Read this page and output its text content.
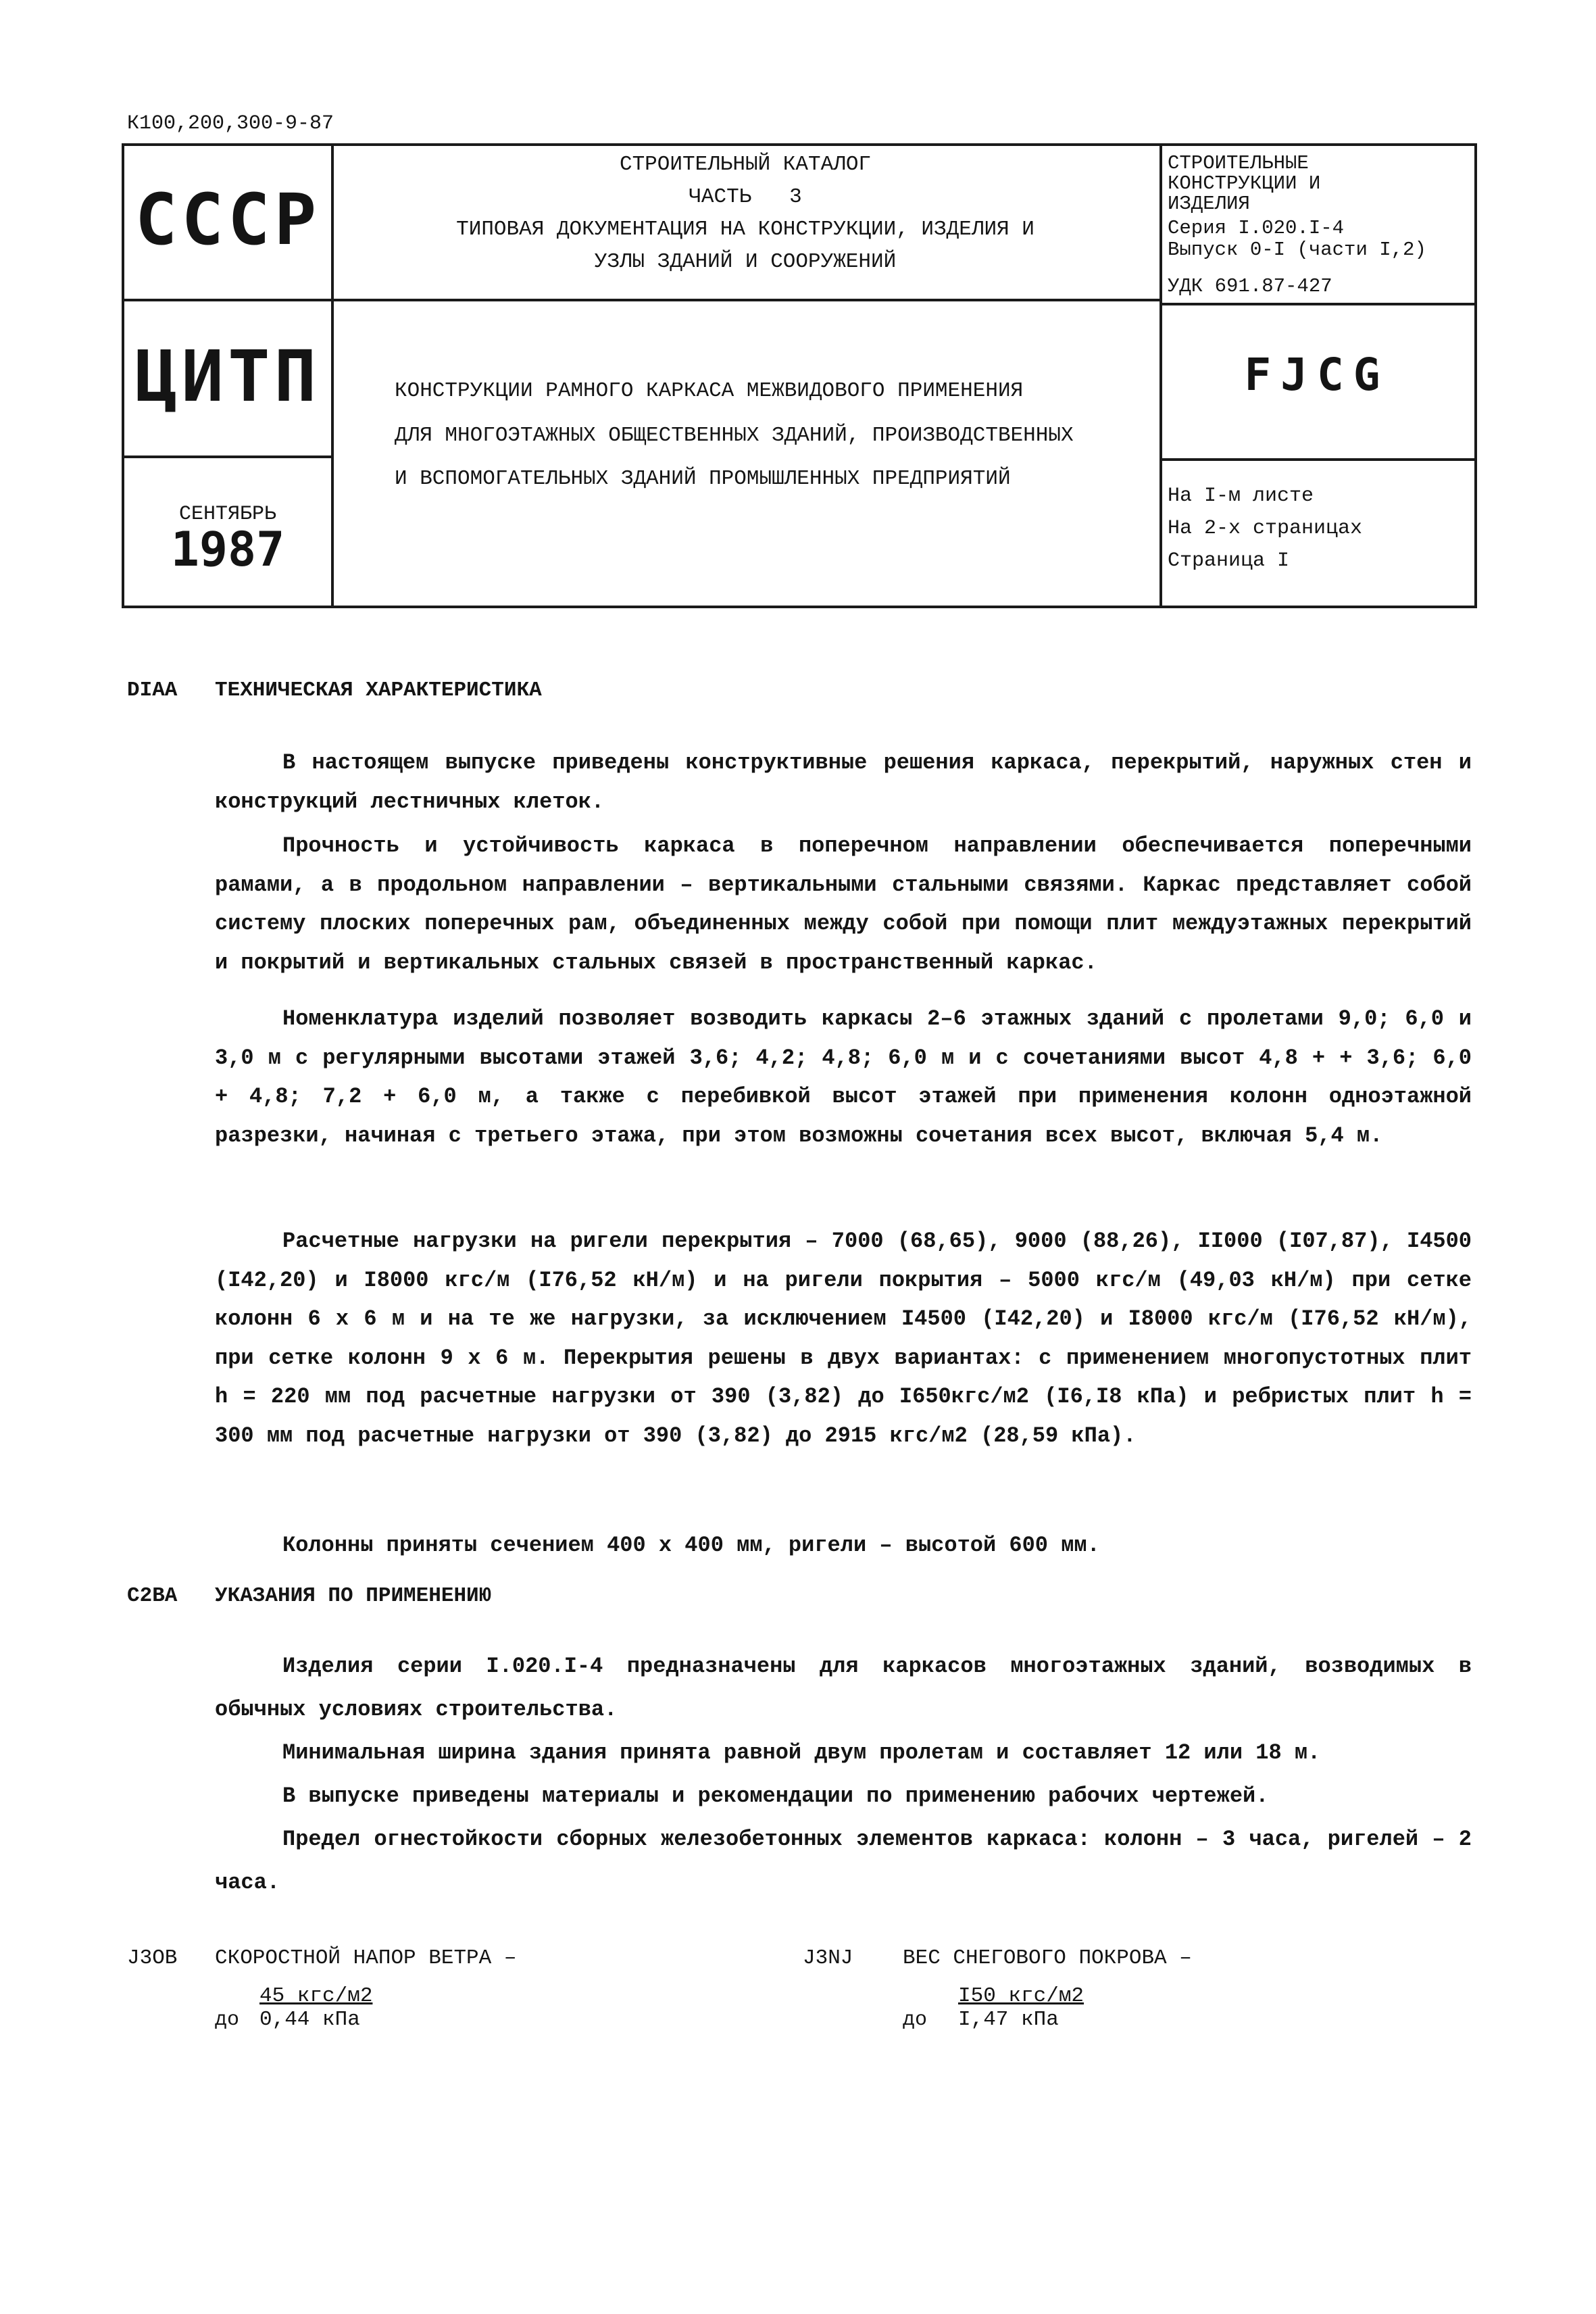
К100,200,300-9-87
СССР
СТРОИТЕЛЬНЫЙ КАТАЛОГ
ЧАСТЬ   3
ТИПОВАЯ ДОКУМЕНТАЦИЯ НА КОНСТРУКЦИИ, ИЗДЕЛИЯ И
УЗЛЫ ЗДАНИЙ И СООРУЖЕНИЙ
СТРОИТЕЛЬНЫЕ
КОНСТРУКЦИИ И
ИЗДЕЛИЯ
Серия I.020.I-4
Выпуск 0-I (части I,2)
УДК 691.87-427
ЦИТП
СЕНТЯБРЬ
1987
КОНСТРУКЦИИ РАМНОГО КАРКАСА МЕЖВИДОВОГО ПРИМЕНЕНИЯ
ДЛЯ МНОГОЭТАЖНЫХ ОБЩЕСТВЕННЫХ ЗДАНИЙ, ПРОИЗВОДСТВЕННЫХ
И ВСПОМОГАТЕЛЬНЫХ ЗДАНИЙ ПРОМЫШЛЕННЫХ ПРЕДПРИЯТИЙ
FJCG
На I-м листе
На 2-х страницах
Страница I
DIAA ТЕХНИЧЕСКАЯ ХАРАКТЕРИСТИКА
В настоящем выпуске приведены конструктивные решения каркаса, перекрытий, наружных стен и конструкций лестничных клеток.
Прочность и устойчивость каркаса в поперечном направлении обеспечивается поперечными рамами, а в продольном направлении – вертикальными стальными связями. Каркас представляет собой систему плоских поперечных рам, объединенных между собой при помощи плит междуэтажных перекрытий и покрытий и вертикальных стальных связей в пространственный каркас.
Номенклатура изделий позволяет возводить каркасы 2–6 этажных зданий с пролетами 9,0; 6,0 и 3,0 м с регулярными высотами этажей 3,6; 4,2; 4,8; 6,0 м и с сочетаниями высот 4,8 + + 3,6; 6,0 + 4,8; 7,2 + 6,0 м, а также с перебивкой высот этажей при применения колонн одноэтажной разрезки, начиная с третьего этажа, при этом возможны сочетания всех высот, включая 5,4 м.
Расчетные нагрузки на ригели перекрытия – 7000 (68,65), 9000 (88,26), II000 (I07,87), I4500 (I42,20) и I8000 кгс/м (I76,52 кН/м) и на ригели покрытия – 5000 кгс/м (49,03 кН/м) при сетке колонн 6 х 6 м и на те же нагрузки, за исключением I4500 (I42,20) и I8000 кгс/м (I76,52 кН/м), при сетке колонн 9 х 6 м. Перекрытия решены в двух вариантах: с применением многопустотных плит h = 220 мм под расчетные нагрузки от 390 (3,82) до I650кгс/м2 (I6,I8 кПа) и ребристых плит h = 300 мм под расчетные нагрузки от 390 (3,82) до 2915 кгс/м2 (28,59 кПа).
Колонны приняты сечением 400 х 400 мм, ригели – высотой 600 мм.
C2BA УКАЗАНИЯ ПО ПРИМЕНЕНИЮ
Изделия серии I.020.I-4 предназначены для каркасов многоэтажных зданий, возводимых в обычных условиях строительства.
Минимальная ширина здания принята равной двум пролетам и составляет 12 или 18 м.
В выпуске приведены материалы и рекомендации по применению рабочих чертежей.
Предел огнестойкости сборных железобетонных элементов каркаса: колонн – 3 часа, ригелей – 2 часа.
J3OB СКОРОСТНОЙ НАПОР ВЕТРА –
до
45 кгс/м2
0,44 кПа
J3NJ ВЕС СНЕГОВОГО ПОКРОВА –
до
I50 кгс/м2
I,47 кПа
